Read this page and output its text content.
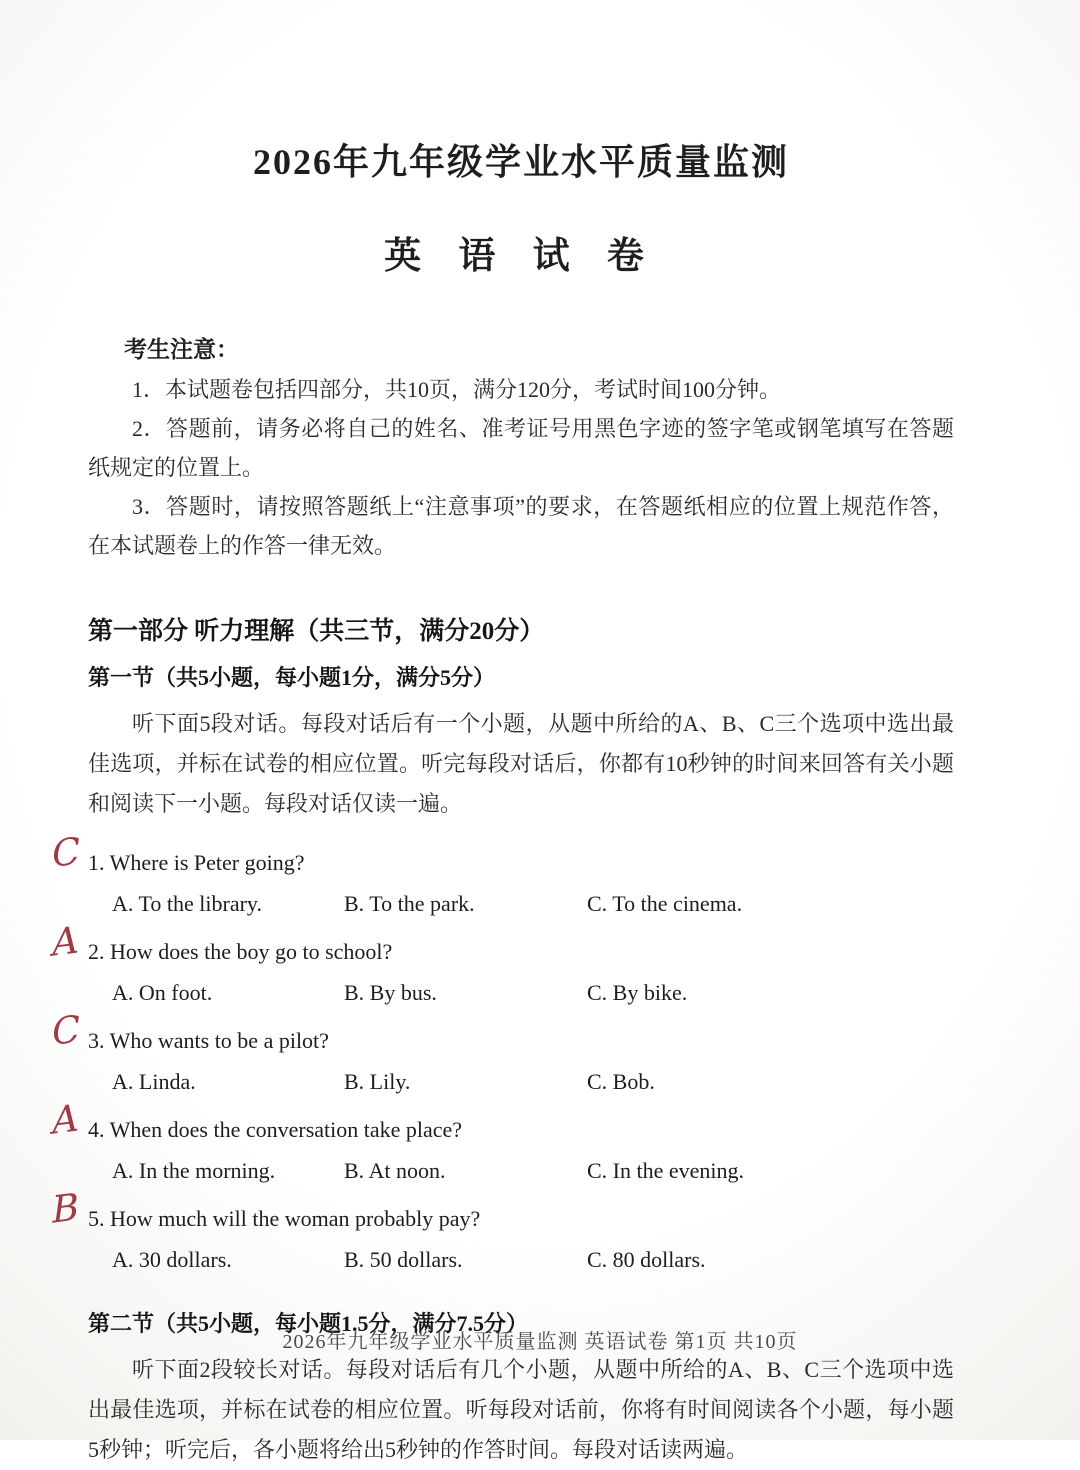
2026年九年级学业水平质量监测
英 语 试 卷

考生注意：

1．本试题卷包括四部分，共10页，满分120分，考试时间100分钟。

2．答题前，请务必将自己的姓名、准考证号用黑色字迹的签字笔或钢笔填写在答题纸规定的位置上。

3．答题时，请按照答题纸上“注意事项”的要求，在答题纸相应的位置上规范作答，在本试题卷上的作答一律无效。

第一部分 听力理解（共三节，满分20分）

第一节（共5小题，每小题1分，满分5分）

听下面5段对话。每段对话后有一个小题，从题中所给的A、B、C三个选项中选出最佳选项，并标在试卷的相应位置。听完每段对话后，你都有10秒钟的时间来回答有关小题和阅读下一小题。每段对话仅读一遍。

C 1. Where is Peter going?

A. To the library.	B. To the park.	C. To the cinema.

A 2. How does the boy go to school?

A. On foot.	B. By bus.	C. By bike.

C 3. Who wants to be a pilot?

A. Linda.	B. Lily.	C. Bob.

A 4. When does the conversation take place?

A. In the morning.	B. At noon.	C. In the evening.

B 5. How much will the woman probably pay?

A. 30 dollars.	B. 50 dollars.	C. 80 dollars.

第二节（共5小题，每小题1.5分，满分7.5分）

听下面2段较长对话。每段对话后有几个小题，从题中所给的A、B、C三个选项中选出最佳选项，并标在试卷的相应位置。听每段对话前，你将有时间阅读各个小题，每小题 5秒钟；听完后，各小题将给出5秒钟的作答时间。每段对话读两遍。

2026年九年级学业水平质量监测 英语试卷 第1页 共10页
